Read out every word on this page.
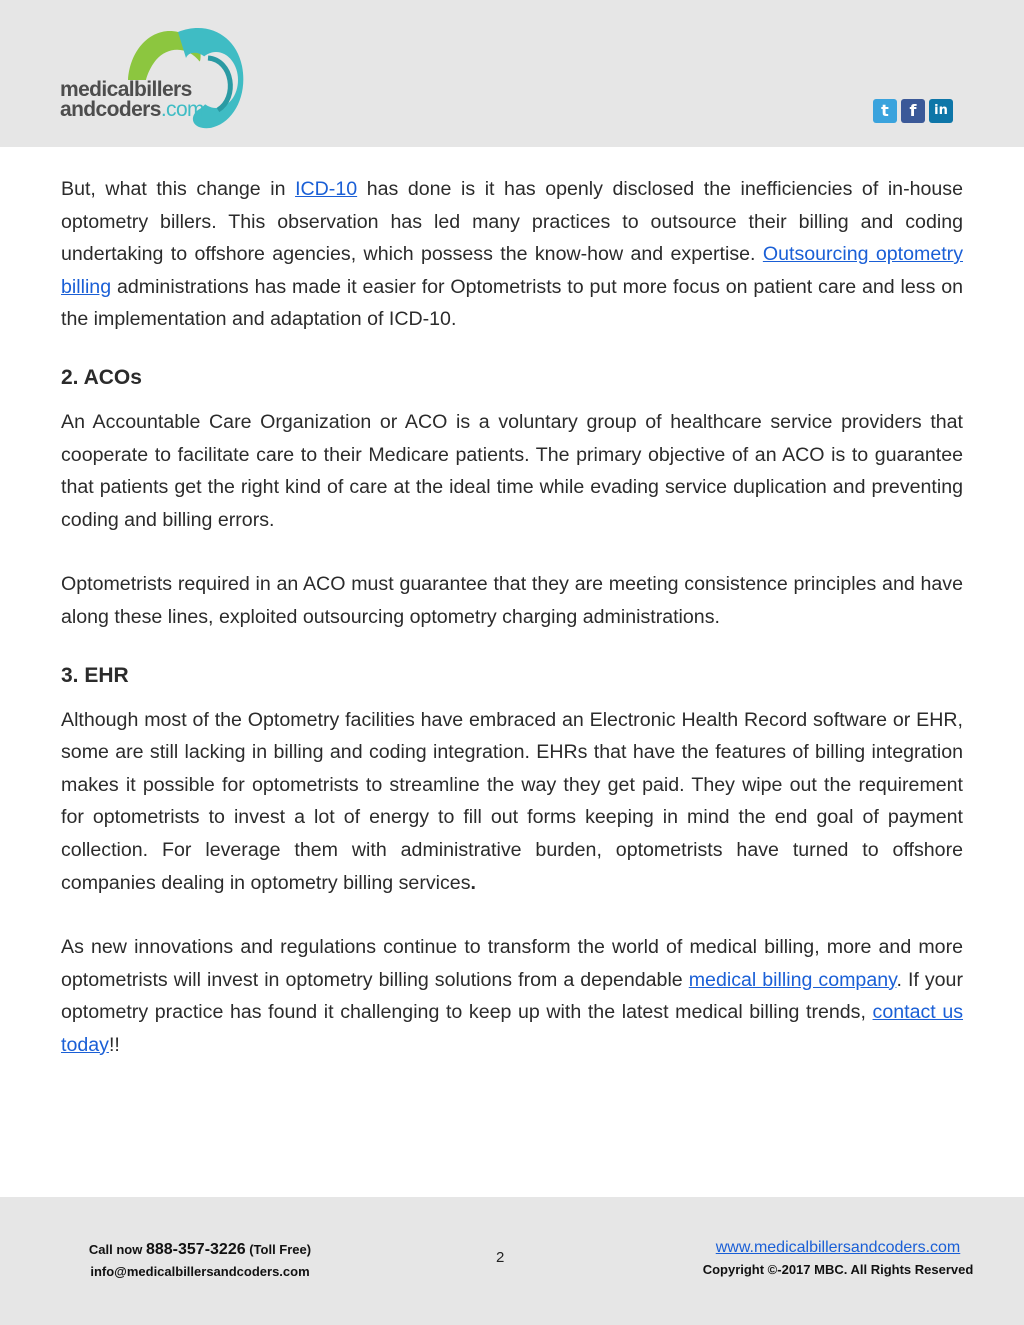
medicalbillers
andcoders.com	t	f	in

But, what this change in ICD-10 has done is it has openly disclosed the inefficiencies of in-house optometry billers. This observation has led many practices to outsource their billing and coding undertaking to offshore agencies, which possess the know-how and expertise. Outsourcing optometry billing administrations has made it easier for Optometrists to put more focus on patient care and less on the implementation and adaptation of ICD-10.

2. ACOs

An Accountable Care Organization or ACO is a voluntary group of healthcare service providers that cooperate to facilitate care to their Medicare patients. The primary objective of an ACO is to guarantee that patients get the right kind of care at the ideal time while evading service duplication and preventing coding and billing errors.

Optometrists required in an ACO must guarantee that they are meeting consistence principles and have along these lines, exploited outsourcing optometry charging administrations.

3. EHR

Although most of the Optometry facilities have embraced an Electronic Health Record software or EHR, some are still lacking in billing and coding integration. EHRs that have the features of billing integration makes it possible for optometrists to streamline the way they get paid. They wipe out the requirement for optometrists to invest a lot of energy to fill out forms keeping in mind the end goal of payment collection. For leverage them with administrative burden, optometrists have turned to offshore companies dealing in optometry billing services.

As new innovations and regulations continue to transform the world of medical billing, more and more optometrists will invest in optometry billing solutions from a dependable medical billing company. If your optometry practice has found it challenging to keep up with the latest medical billing trends, contact us today!!

Call now 888-357-3226 (Toll Free)
info@medicalbillersandcoders.com
2
www.medicalbillersandcoders.com
Copyright ©-2017 MBC. All Rights Reserved
